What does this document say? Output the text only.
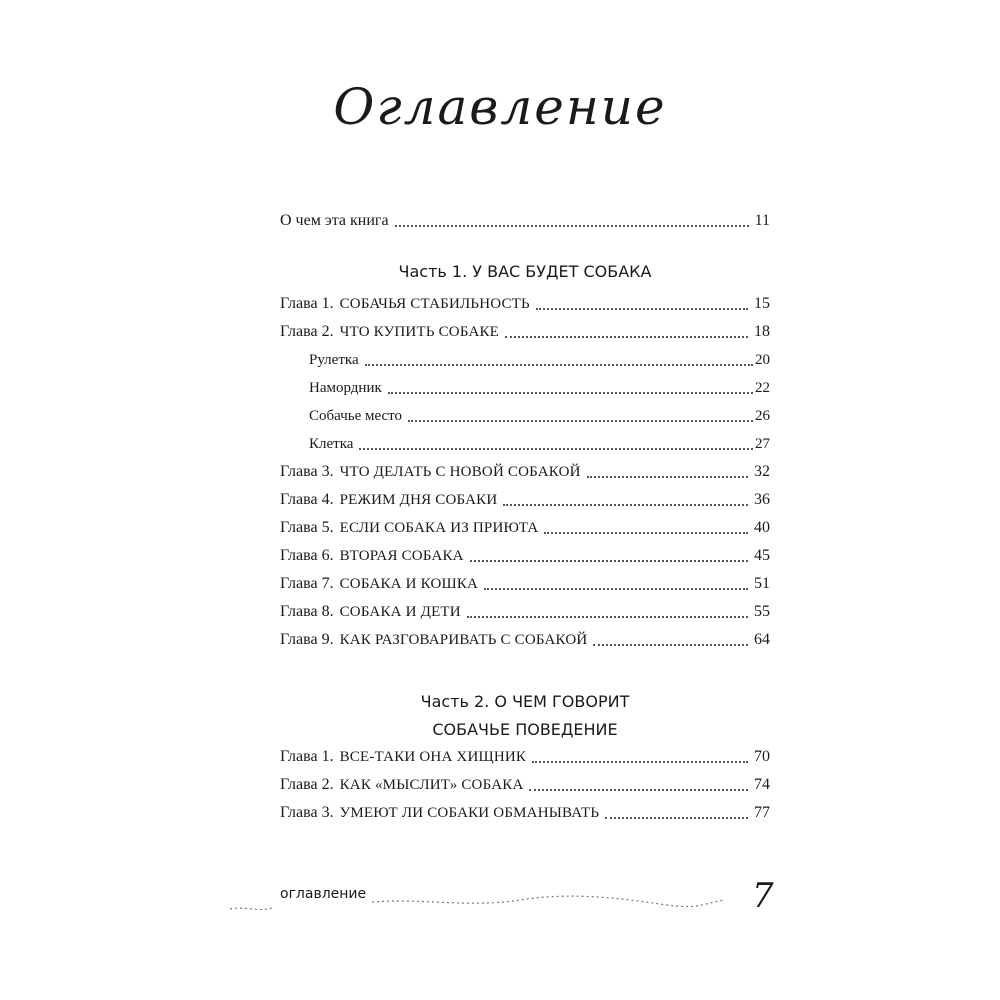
Оглавление
О чем эта книга	11
Глава 1. СОБАЧЬЯ СТАБИЛЬНОСТЬ	15
Глава 2. ЧТО КУПИТЬ СОБАКЕ	18
Рулетка	20
Намордник	22
Собачье место	26
Клетка	27
Глава 3. ЧТО ДЕЛАТЬ С НОВОЙ СОБАКОЙ	32
Глава 4. РЕЖИМ ДНЯ СОБАКИ	36
Глава 5. ЕСЛИ СОБАКА ИЗ ПРИЮТА	40
Глава 6. ВТОРАЯ СОБАКА	45
Глава 7. СОБАКА И КОШКА	51
Глава 8. СОБАКА И ДЕТИ	55
Глава 9. КАК РАЗГОВАРИВАТЬ С СОБАКОЙ	64
Глава 1. ВСЕ-ТАКИ ОНА ХИЩНИК	70
Глава 2. КАК «МЫСЛИТ» СОБАКА	74
Глава 3. УМЕЮТ ЛИ СОБАКИ ОБМАНЫВАТЬ	77
Часть 1. У ВАС БУДЕТ СОБАКА
Часть 2. О ЧЕМ ГОВОРИТ
СОБАЧЬЕ ПОВЕДЕНИЕ
оглавление	7
